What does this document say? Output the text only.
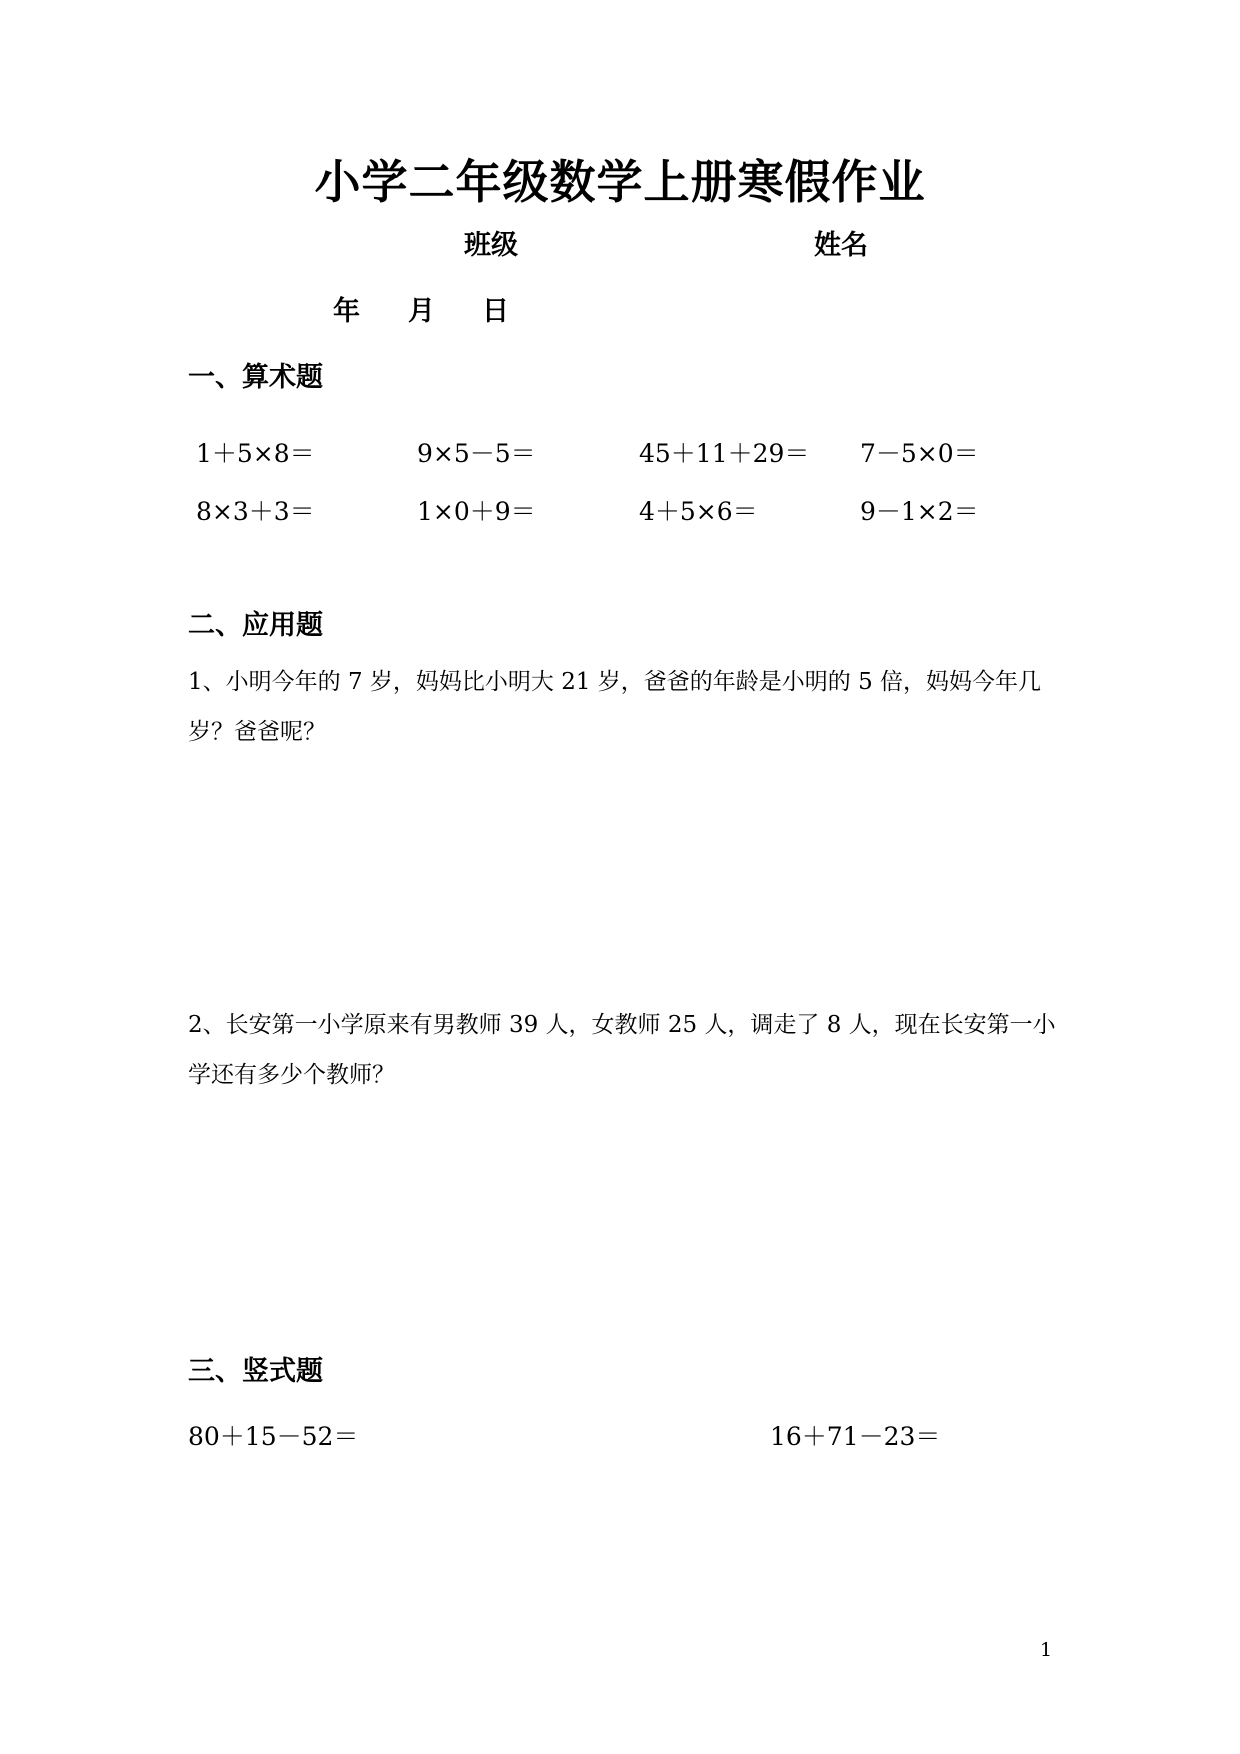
小学二年级数学上册寒假作业
班级	姓名
年 月 日
一、算术题
1＋5×8＝	9×5－5＝	45＋11＋29＝ 7－5×0＝
8×3＋3＝	1×0＋9＝	4＋5×6＝	9－1×2＝
二、应用题
1、小明今年的 7 岁，妈妈比小明大 21 岁，爸爸的年龄是小明的 5 倍，妈妈今年几岁？爸爸呢？
2、长安第一小学原来有男教师 39 人，女教师 25 人，调走了 8 人，现在长安第一小学还有多少个教师？
三、竖式题
80＋15－52＝	16＋71－23＝
1
